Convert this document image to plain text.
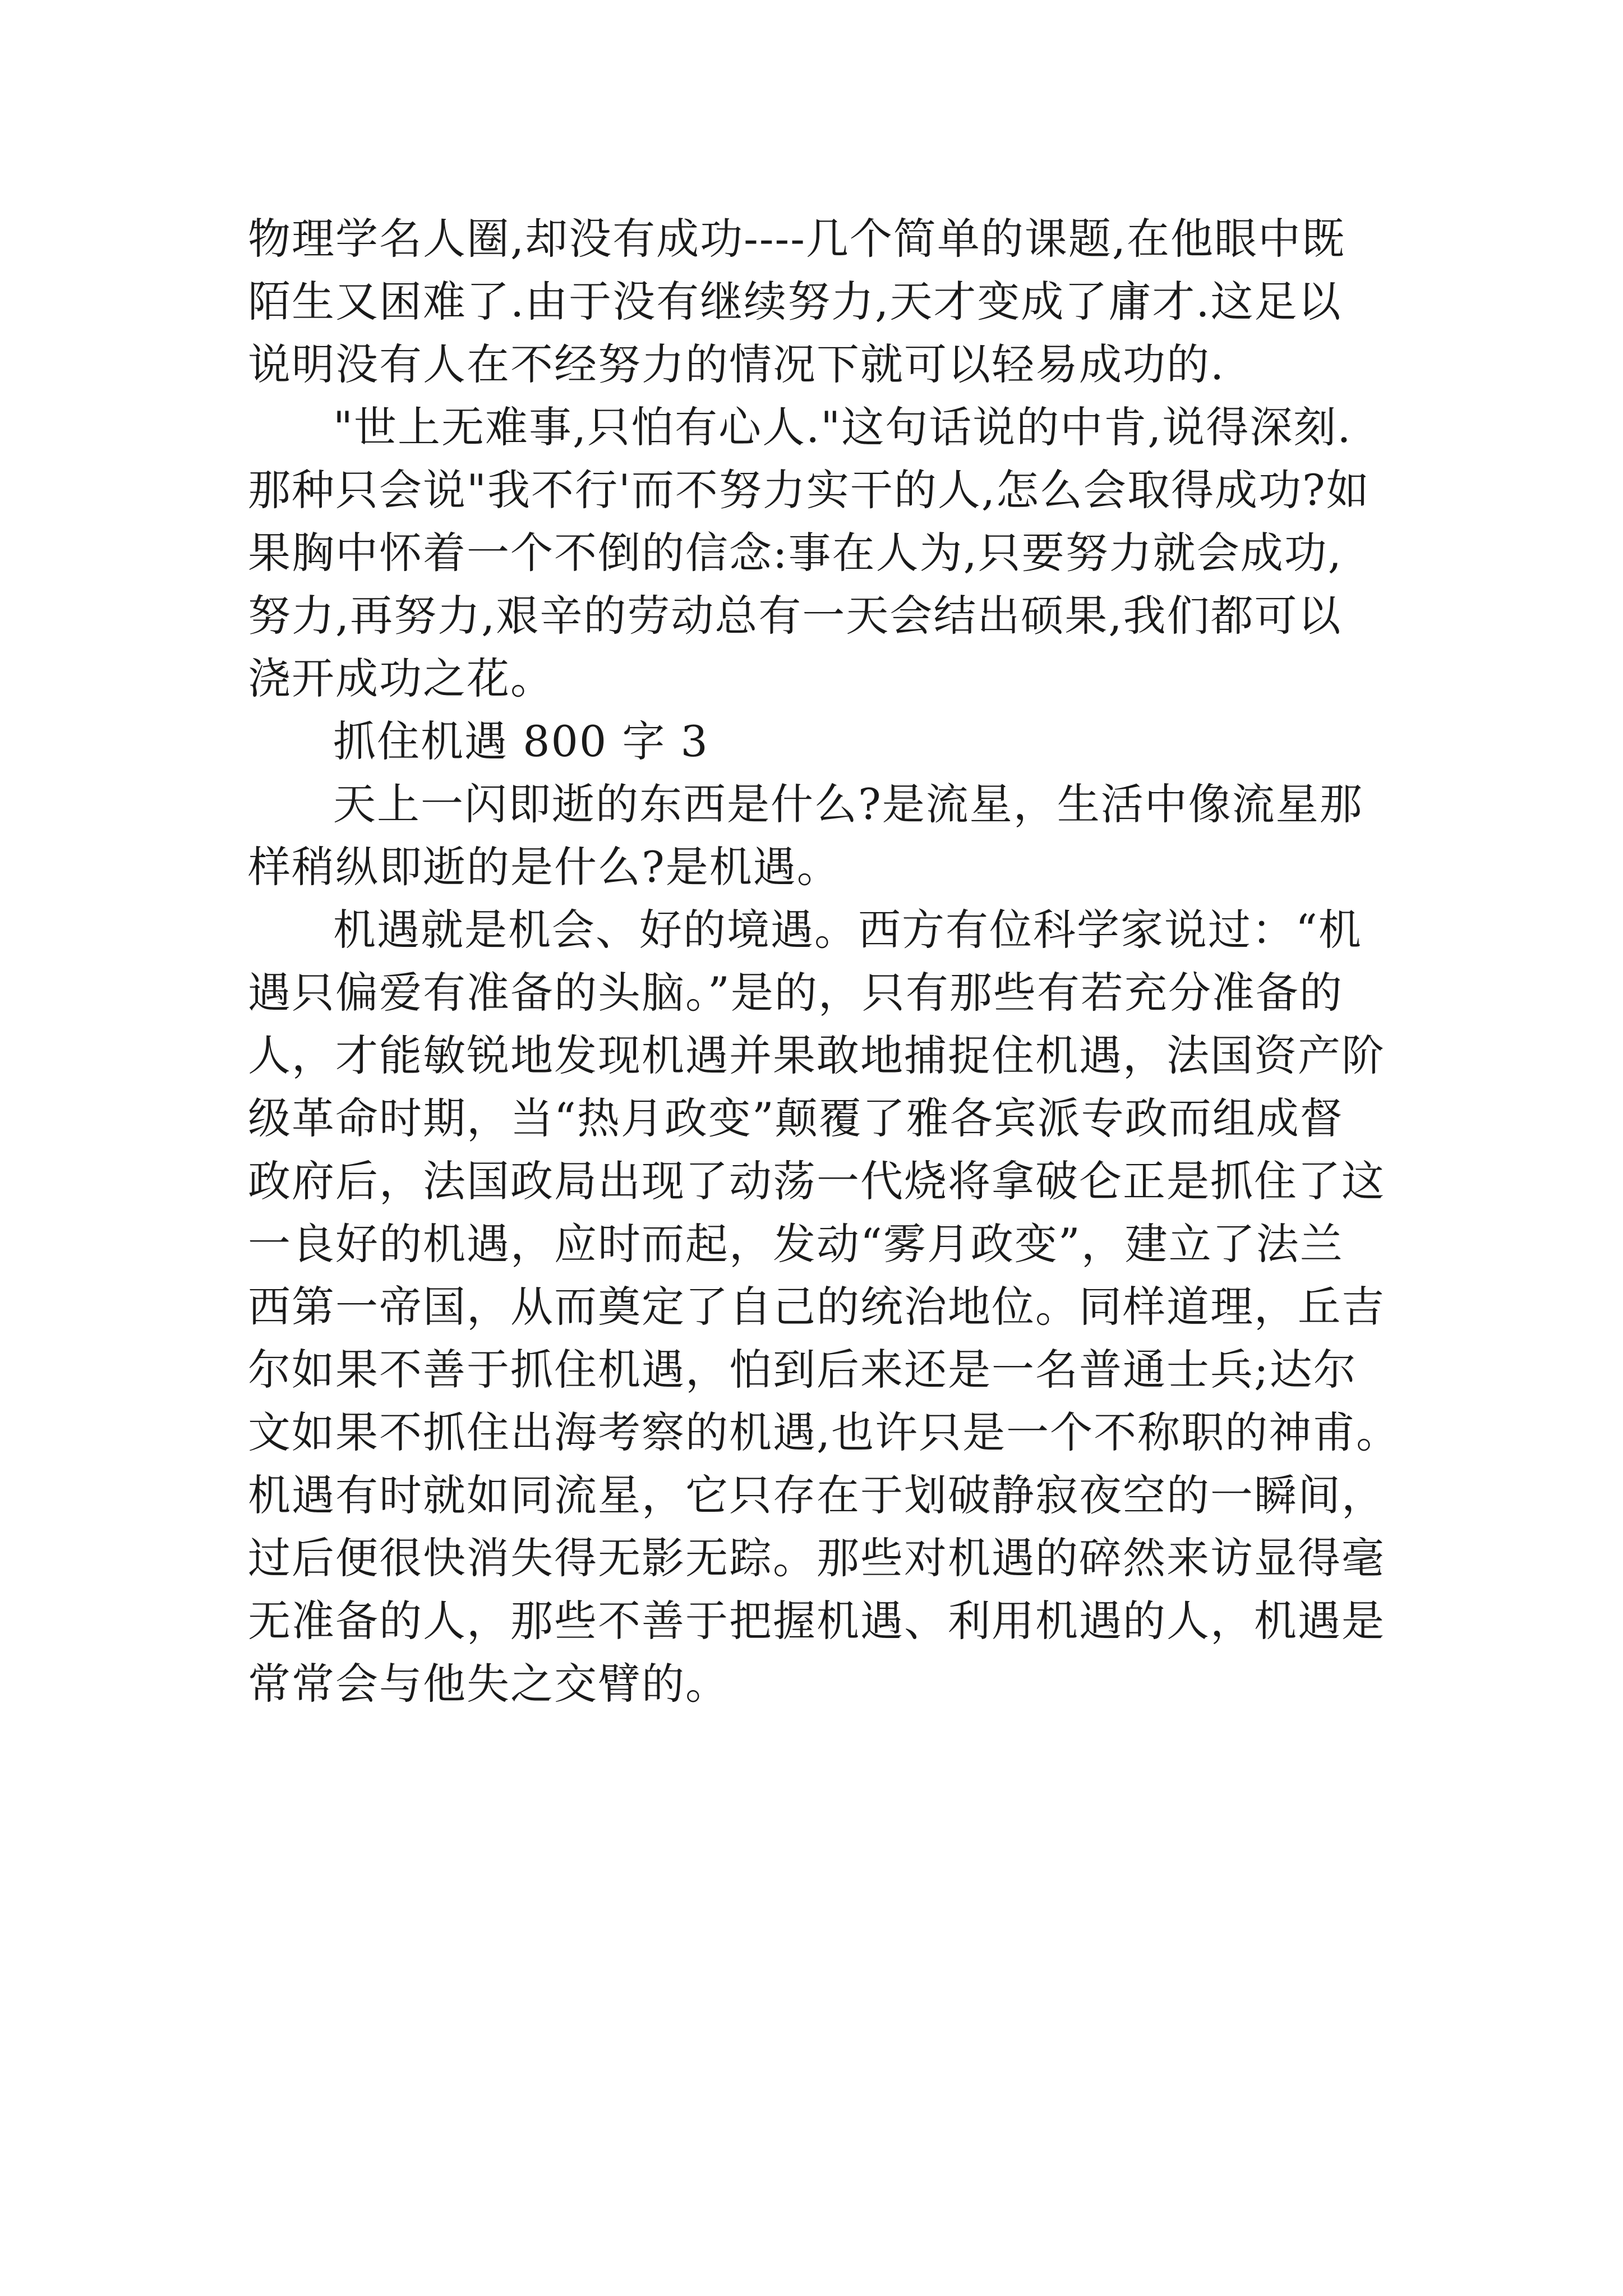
物理学名人圈,却没有成功----几个简单的课题,在他眼中既
陌生又困难了.由于没有继续努力,天才变成了庸才.这足以
说明没有人在不经努力的情况下就可以轻易成功的.

"世上无难事,只怕有心人."这句话说的中肯,说得深刻.
那种只会说"我不行'而不努力实干的人,怎么会取得成功?如
果胸中怀着一个不倒的信念:事在人为,只要努力就会成功,
努力,再努力,艰辛的劳动总有一天会结出硕果,我们都可以
浇开成功之花。

抓住机遇 800 字 3

天上一闪即逝的东西是什么?是流星，生活中像流星那
样稍纵即逝的是什么?是机遇。

机遇就是机会、好的境遇。西方有位科学家说过：“机
遇只偏爱有准备的头脑。”是的，只有那些有若充分准备的
人，才能敏锐地发现机遇并果敢地捕捉住机遇，法国资产阶
级革命时期，当“热月政变”颠覆了雅各宾派专政而组成督
政府后，法国政局出现了动荡一代烧将拿破仑正是抓住了这
一良好的机遇，应时而起，发动“雾月政变”，建立了法兰
西第一帝国，从而奠定了自己的统治地位。同样道理，丘吉
尔如果不善于抓住机遇，怕到后来还是一名普通士兵;达尔
文如果不抓住出海考察的机遇,也许只是一个不称职的神甫。
机遇有时就如同流星，它只存在于划破静寂夜空的一瞬间，
过后便很快消失得无影无踪。那些对机遇的碎然来访显得毫
无准备的人，那些不善于把握机遇、利用机遇的人，机遇是
常常会与他失之交臂的。
